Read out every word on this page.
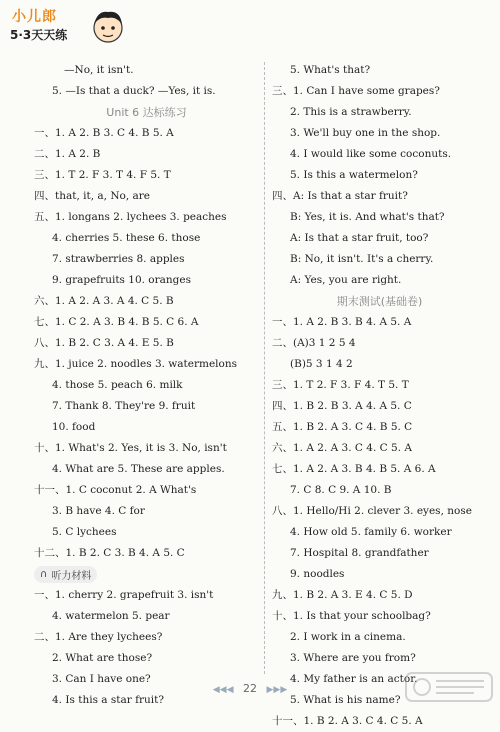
小儿郎
5·3天天练
—No, it isn't.
5. —Is that a duck? —Yes, it is.
Unit 6 达标练习
一、1. A 2. B 3. C 4. B 5. A
二、1. A 2. B
三、1. T 2. F 3. T 4. F 5. T
四、that, it, a, No, are
五、1. longans 2. lychees 3. peaches
4. cherries 5. these 6. those
7. strawberries 8. apples
9. grapefruits 10. oranges
六、1. A 2. A 3. A 4. C 5. B
七、1. C 2. A 3. B 4. B 5. C 6. A
八、1. B 2. C 3. A 4. E 5. B
九、1. juice 2. noodles 3. watermelons
4. those 5. peach 6. milk
7. Thank 8. They're 9. fruit
10. food
十、1. What's 2. Yes, it is 3. No, isn't
4. What are 5. These are apples.
十一、1. C coconut 2. A What's
3. B have 4. C for
5. C lychees
十二、1. B 2. C 3. B 4. A 5. C
∩ 听力材料
一、1. cherry 2. grapefruit 3. isn't
4. watermelon 5. pear
二、1. Are they lychees?
2. What are those?
3. Can I have one?
4. Is this a star fruit?
5. What's that?
三、1. Can I have some grapes?
2. This is a strawberry.
3. We'll buy one in the shop.
4. I would like some coconuts.
5. Is this a watermelon?
四、A: Is that a star fruit?
B: Yes, it is. And what's that?
A: Is that a star fruit, too?
B: No, it isn't. It's a cherry.
A: Yes, you are right.
期末测试(基础卷)
一、1. A 2. B 3. B 4. A 5. A
二、(A)3 1 2 5 4
(B)5 3 1 4 2
三、1. T 2. F 3. F 4. T 5. T
四、1. B 2. B 3. A 4. A 5. C
五、1. B 2. A 3. C 4. B 5. C
六、1. A 2. A 3. C 4. C 5. A
七、1. A 2. A 3. B 4. B 5. A 6. A
7. C 8. C 9. A 10. B
八、1. Hello/Hi 2. clever 3. eyes, nose
4. How old 5. family 6. worker
7. Hospital 8. grandfather
9. noodles
九、1. B 2. A 3. E 4. C 5. D
十、1. Is that your schoolbag?
2. I work in a cinema.
3. Where are you from?
4. My father is an actor.
5. What is his name?
十一、1. B 2. A 3. C 4. C 5. A
◀◀◀ 22 ▶▶▶
